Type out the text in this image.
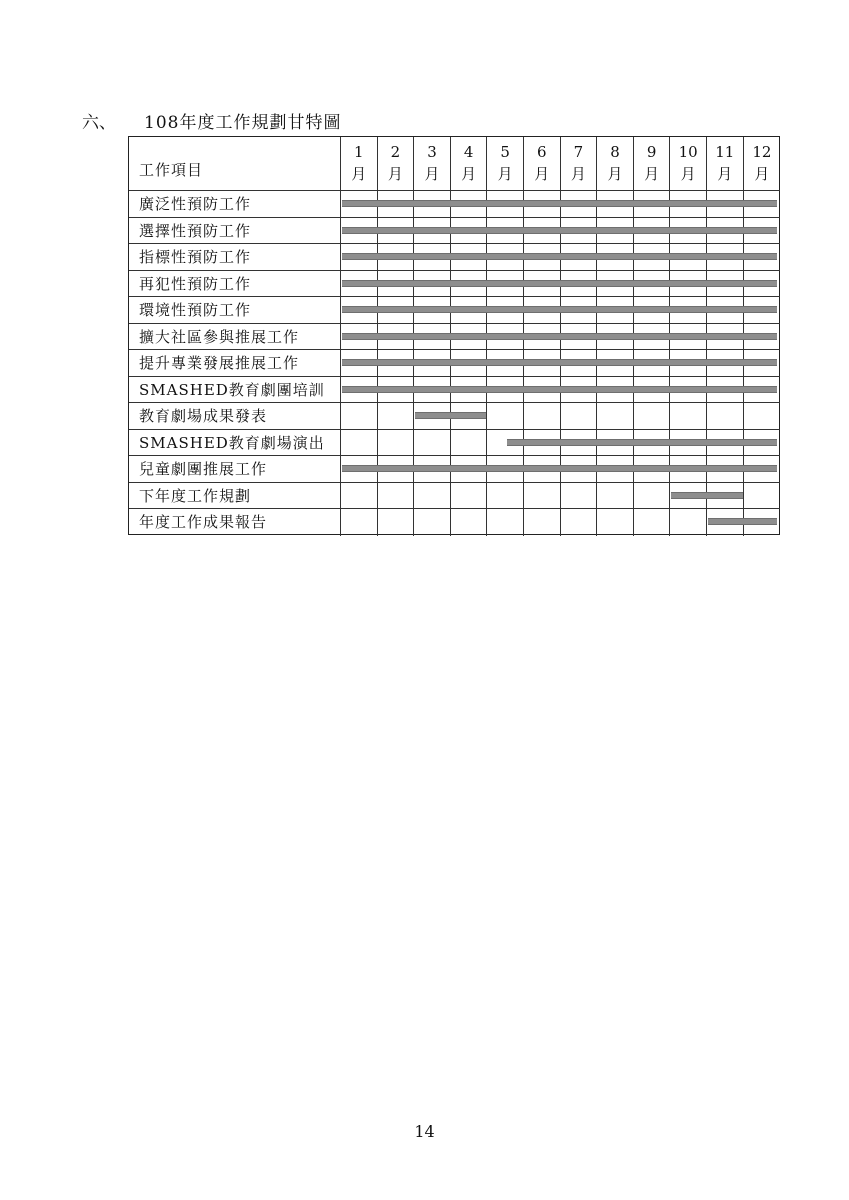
六、 108年度工作規劃甘特圖
工作項目
1
月
2
月
3
月
4
月
5
月
6
月
7
月
8
月
9
月
10
月
11
月
12
月
廣泛性預防工作
選擇性預防工作
指標性預防工作
再犯性預防工作
環境性預防工作
擴大社區參與推展工作
提升專業發展推展工作
SMASHED教育劇團培訓
教育劇場成果發表
SMASHED教育劇場演出
兒童劇團推展工作
下年度工作規劃
年度工作成果報告
14
